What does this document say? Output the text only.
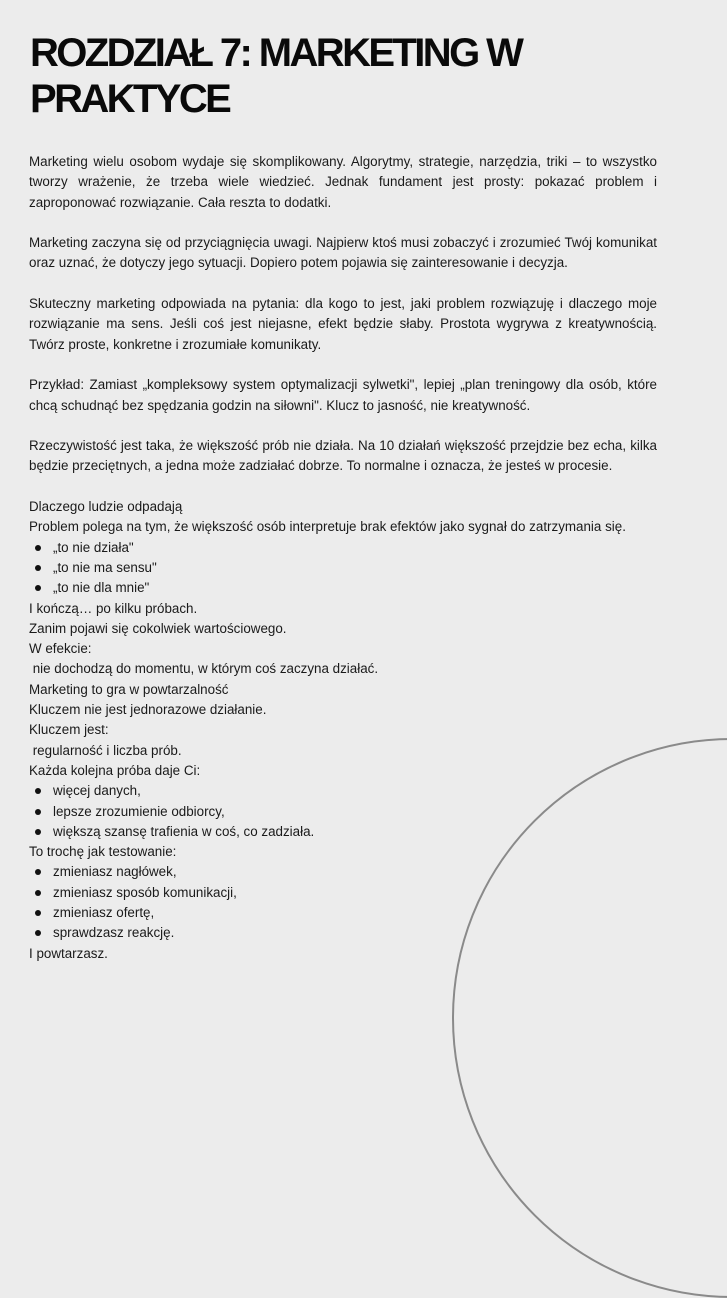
ROZDZIAŁ 7: MARKETING W PRAKTYCE

Marketing wielu osobom wydaje się skomplikowany. Algorytmy, strategie, narzędzia, triki – to wszystko tworzy wrażenie, że trzeba wiele wiedzieć. Jednak fundament jest prosty: pokazać problem i zaproponować rozwiązanie. Cała reszta to dodatki.

Marketing zaczyna się od przyciągnięcia uwagi. Najpierw ktoś musi zobaczyć i zrozumieć Twój komunikat oraz uznać, że dotyczy jego sytuacji. Dopiero potem pojawia się zainteresowanie i decyzja.

Skuteczny marketing odpowiada na pytania: dla kogo to jest, jaki problem rozwiązuję i dlaczego moje rozwiązanie ma sens. Jeśli coś jest niejasne, efekt będzie słaby. Prostota wygrywa z kreatywnością. Twórz proste, konkretne i zrozumiałe komunikaty.

Przykład: Zamiast „kompleksowy system optymalizacji sylwetki", lepiej „plan treningowy dla osób, które chcą schudnąć bez spędzania godzin na siłowni". Klucz to jasność, nie kreatywność.

Rzeczywistość jest taka, że większość prób nie działa. Na 10 działań większość przejdzie bez echa, kilka będzie przeciętnych, a jedna może zadziałać dobrze. To normalne i oznacza, że jesteś w procesie.

Dlaczego ludzie odpadają

Problem polega na tym, że większość osób interpretuje brak efektów jako sygnał do zatrzymania się.

„to nie działa"
„to nie ma sensu"
„to nie dla mnie"

I kończą… po kilku próbach.

Zanim pojawi się cokolwiek wartościowego.

W efekcie:

nie dochodzą do momentu, w którym coś zaczyna działać.

Marketing to gra w powtarzalność

Kluczem nie jest jednorazowe działanie.

Kluczem jest:

regularność i liczba prób.

Każda kolejna próba daje Ci:

więcej danych,
lepsze zrozumienie odbiorcy,
większą szansę trafienia w coś, co zadziała.

To trochę jak testowanie:

zmieniasz nagłówek,
zmieniasz sposób komunikacji,
zmieniasz ofertę,
sprawdzasz reakcję.

I powtarzasz.
